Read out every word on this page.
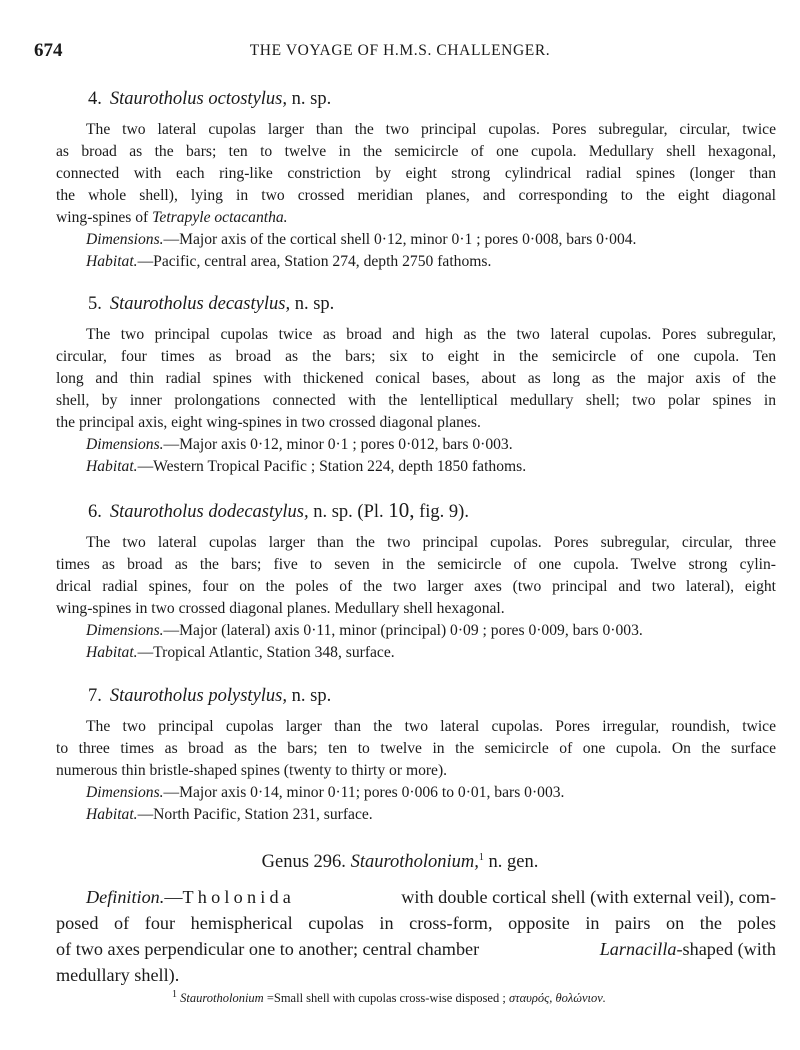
674	THE VOYAGE OF H.M.S. CHALLENGER.
4. Staurotholus octostylus, n. sp.
The two lateral cupolas larger than the two principal cupolas. Pores subregular, circular, twice
as broad as the bars; ten to twelve in the semicircle of one cupola. Medullary shell hexagonal,
connected with each ring-like constriction by eight strong cylindrical radial spines (longer than
the whole shell), lying in two crossed meridian planes, and corresponding to the eight diagonal
wing-spines of Tetrapyle octacantha.
Dimensions.—Major axis of the cortical shell 0·12, minor 0·1 ; pores 0·008, bars 0·004.
Habitat.—Pacific, central area, Station 274, depth 2750 fathoms.
5. Staurotholus decastylus, n. sp.
The two principal cupolas twice as broad and high as the two lateral cupolas. Pores subregular,
circular, four times as broad as the bars; six to eight in the semicircle of one cupola. Ten
long and thin radial spines with thickened conical bases, about as long as the major axis of the
shell, by inner prolongations connected with the lentelliptical medullary shell; two polar spines in
the principal axis, eight wing-spines in two crossed diagonal planes.
Dimensions.—Major axis 0·12, minor 0·1 ; pores 0·012, bars 0·003.
Habitat.—Western Tropical Pacific ; Station 224, depth 1850 fathoms.
6. Staurotholus dodecastylus, n. sp. (Pl. 10, fig. 9).
The two lateral cupolas larger than the two principal cupolas. Pores subregular, circular, three
times as broad as the bars; five to seven in the semicircle of one cupola. Twelve strong cylin-
drical radial spines, four on the poles of the two larger axes (two principal and two lateral), eight
wing-spines in two crossed diagonal planes. Medullary shell hexagonal.
Dimensions.—Major (lateral) axis 0·11, minor (principal) 0·09 ; pores 0·009, bars 0·003.
Habitat.—Tropical Atlantic, Station 348, surface.
7. Staurotholus polystylus, n. sp.
The two principal cupolas larger than the two lateral cupolas. Pores irregular, roundish, twice
to three times as broad as the bars; ten to twelve in the semicircle of one cupola. On the surface
numerous thin bristle-shaped spines (twenty to thirty or more).
Dimensions.—Major axis 0·14, minor 0·11; pores 0·006 to 0·01, bars 0·003.
Habitat.—North Pacific, Station 231, surface.
Genus 296. Staurotholonium,$^1$ n. gen.
Definition.—Tholonida	with double cortical shell (with external veil), com-
posed of four hemispherical cupolas in cross-form, opposite in pairs on the poles
of two axes perpendicular one to another; central chamber	Larnacilla-shaped (with
medullary shell).
$^1$ Staurotholonium =Small shell with cupolas cross-wise disposed ; σταυρός, θολώνιον.
